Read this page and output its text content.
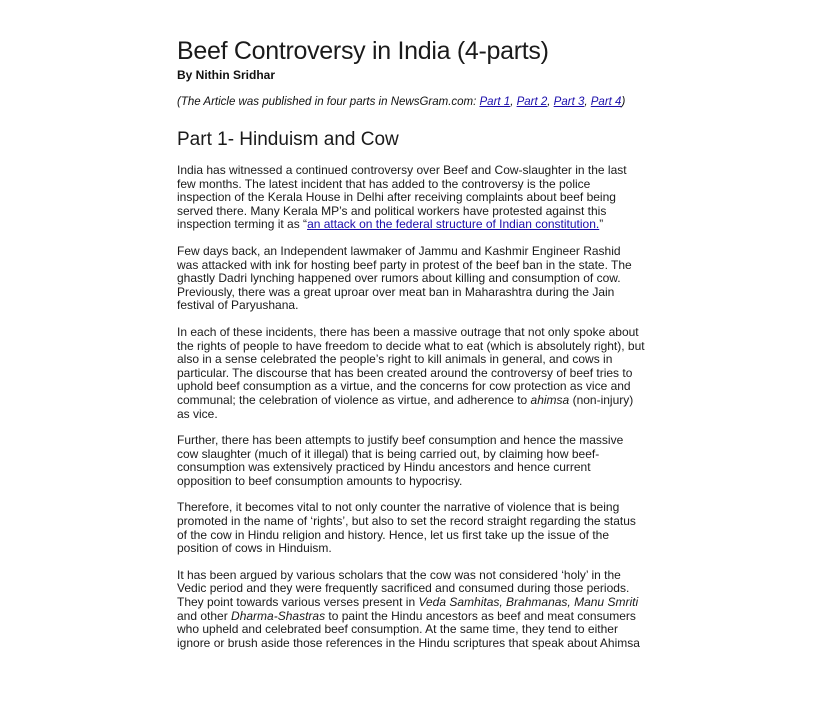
Beef Controversy in India (4-parts)
By Nithin Sridhar
(The Article was published in four parts in NewsGram.com: Part 1, Part 2, Part 3, Part 4)
Part 1- Hinduism and Cow
India has witnessed a continued controversy over Beef and Cow-slaughter in the last
few months. The latest incident that has added to the controversy is the police
inspection of the Kerala House in Delhi after receiving complaints about beef being
served there. Many Kerala MP’s and political workers have protested against this
inspection terming it as “an attack on the federal structure of Indian constitution.”
Few days back, an Independent lawmaker of Jammu and Kashmir Engineer Rashid
was attacked with ink for hosting beef party in protest of the beef ban in the state. The
ghastly Dadri lynching happened over rumors about killing and consumption of cow.
Previously, there was a great uproar over meat ban in Maharashtra during the Jain
festival of Paryushana.
In each of these incidents, there has been a massive outrage that not only spoke about
the rights of people to have freedom to decide what to eat (which is absolutely right), but
also in a sense celebrated the people’s right to kill animals in general, and cows in
particular. The discourse that has been created around the controversy of beef tries to
uphold beef consumption as a virtue, and the concerns for cow protection as vice and
communal; the celebration of violence as virtue, and adherence to ahimsa (non-injury)
as vice.
Further, there has been attempts to justify beef consumption and hence the massive
cow slaughter (much of it illegal) that is being carried out, by claiming how beef-
consumption was extensively practiced by Hindu ancestors and hence current
opposition to beef consumption amounts to hypocrisy.
Therefore, it becomes vital to not only counter the narrative of violence that is being
promoted in the name of ‘rights’, but also to set the record straight regarding the status
of the cow in Hindu religion and history. Hence, let us first take up the issue of the
position of cows in Hinduism.
It has been argued by various scholars that the cow was not considered ‘holy’ in the
Vedic period and they were frequently sacrificed and consumed during those periods.
They point towards various verses present in Veda Samhitas, Brahmanas, Manu Smriti
and other Dharma-Shastras to paint the Hindu ancestors as beef and meat consumers
who upheld and celebrated beef consumption. At the same time, they tend to either
ignore or brush aside those references in the Hindu scriptures that speak about Ahimsa
